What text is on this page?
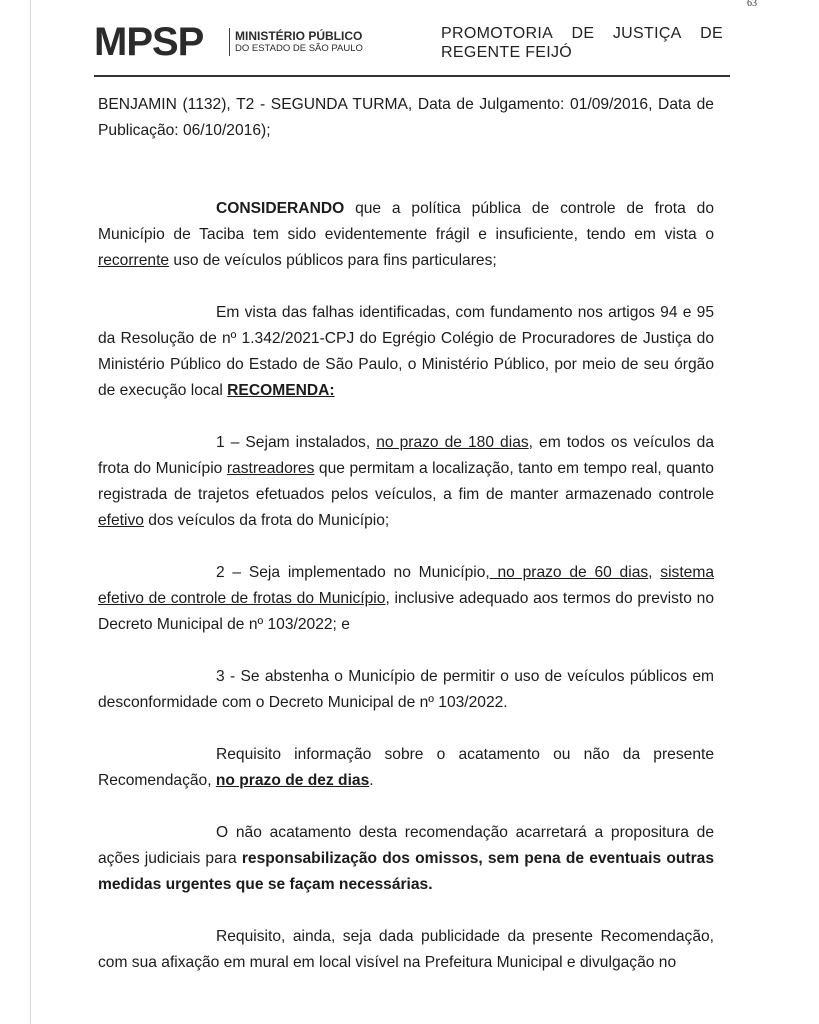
63
MPSP	MINISTÉRIO PÚBLICO
DO ESTADO DE SÃO PAULO
PROMOTORIA DE JUSTIÇA DE
REGENTE FEIJÓ

BENJAMIN (1132), T2 - SEGUNDA TURMA, Data de Julgamento: 01/09/2016, Data de Publicação: 06/10/2016);

CONSIDERANDO que a política pública de controle de frota do Município de Taciba tem sido evidentemente frágil e insuficiente, tendo em vista o recorrente uso de veículos públicos para fins particulares;

Em vista das falhas identificadas, com fundamento nos artigos 94 e 95 da Resolução de nº 1.342/2021-CPJ do Egrégio Colégio de Procuradores de Justiça do Ministério Público do Estado de São Paulo, o Ministério Público, por meio de seu órgão de execução local RECOMENDA:

1 – Sejam instalados, no prazo de 180 dias, em todos os veículos da frota do Município rastreadores que permitam a localização, tanto em tempo real, quanto registrada de trajetos efetuados pelos veículos, a fim de manter armazenado controle efetivo dos veículos da frota do Município;

2 – Seja implementado no Município, no prazo de 60 dias, sistema efetivo de controle de frotas do Município, inclusive adequado aos termos do previsto no Decreto Municipal de nº 103/2022; e

3 - Se abstenha o Município de permitir o uso de veículos públicos em desconformidade com o Decreto Municipal de nº 103/2022.

Requisito informação sobre o acatamento ou não da presente Recomendação, no prazo de dez dias.

O não acatamento desta recomendação acarretará a propositura de ações judiciais para responsabilização dos omissos, sem pena de eventuais outras medidas urgentes que se façam necessárias.

Requisito, ainda, seja dada publicidade da presente Recomendação, com sua afixação em mural em local visível na Prefeitura Municipal e divulgação no
